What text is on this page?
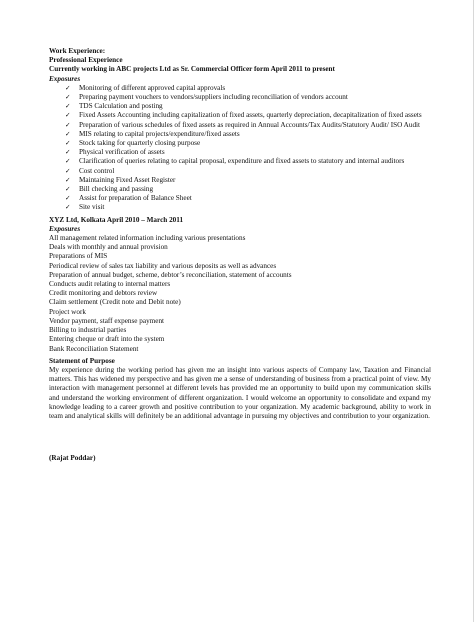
Work Experience:
Professional Experience
Currently working in ABC projects Ltd as Sr. Commercial Officer form April 2011 to present
Exposures
✓ Monitoring of different approved capital approvals
✓ Preparing payment vouchers to vendors/suppliers including reconciliation of vendors account
✓ TDS Calculation and posting
✓ Fixed Assets Accounting including capitalization of fixed assets, quarterly depreciation, decapitalization of fixed assets
✓ Preparation of various schedules of fixed assets as required in Annual Accounts/Tax Audits/Statutory Audit/ ISO Audit
✓ MIS relating to capital projects/expenditure/fixed assets
✓ Stock taking for quarterly closing purpose
✓ Physical verification of assets
✓ Clarification of queries relating to capital proposal, expenditure and fixed assets to statutory and internal auditors
✓ Cost control
✓ Maintaining Fixed Asset Register
✓ Bill checking and passing
✓ Assist for preparation of Balance Sheet
✓ Site visit
XYZ Ltd, Kolkata April 2010 – March 2011
Exposures
All management related information including various presentations
Deals with monthly and annual provision
Preparations of MIS
Periodical review of sales tax liability and various deposits as well as advances
Preparation of annual budget, scheme, debtor’s reconciliation, statement of accounts
Conducts audit relating to internal matters
Credit monitoring and debtors review
Claim settlement (Credit note and Debit note)
Project work
Vendor payment, staff expense payment
Billing to industrial parties
Entering cheque or draft into the system
Bank Reconciliation Statement
Statement of Purpose
My experience during the working period has given me an insight into various aspects of Company law, Taxation and Financial matters. This has widened my perspective and has given me a sense of understanding of business from a practical point of view. My interaction with management personnel at different levels has provided me an opportunity to build upon my communication skills and understand the working environment of different organization. I would welcome an opportunity to consolidate and expand my knowledge leading to a career growth and positive contribution to your organization. My academic background, ability to work in team and analytical skills will definitely be an additional advantage in pursuing my objectives and contribution to your organization.
(Rajat Poddar)
